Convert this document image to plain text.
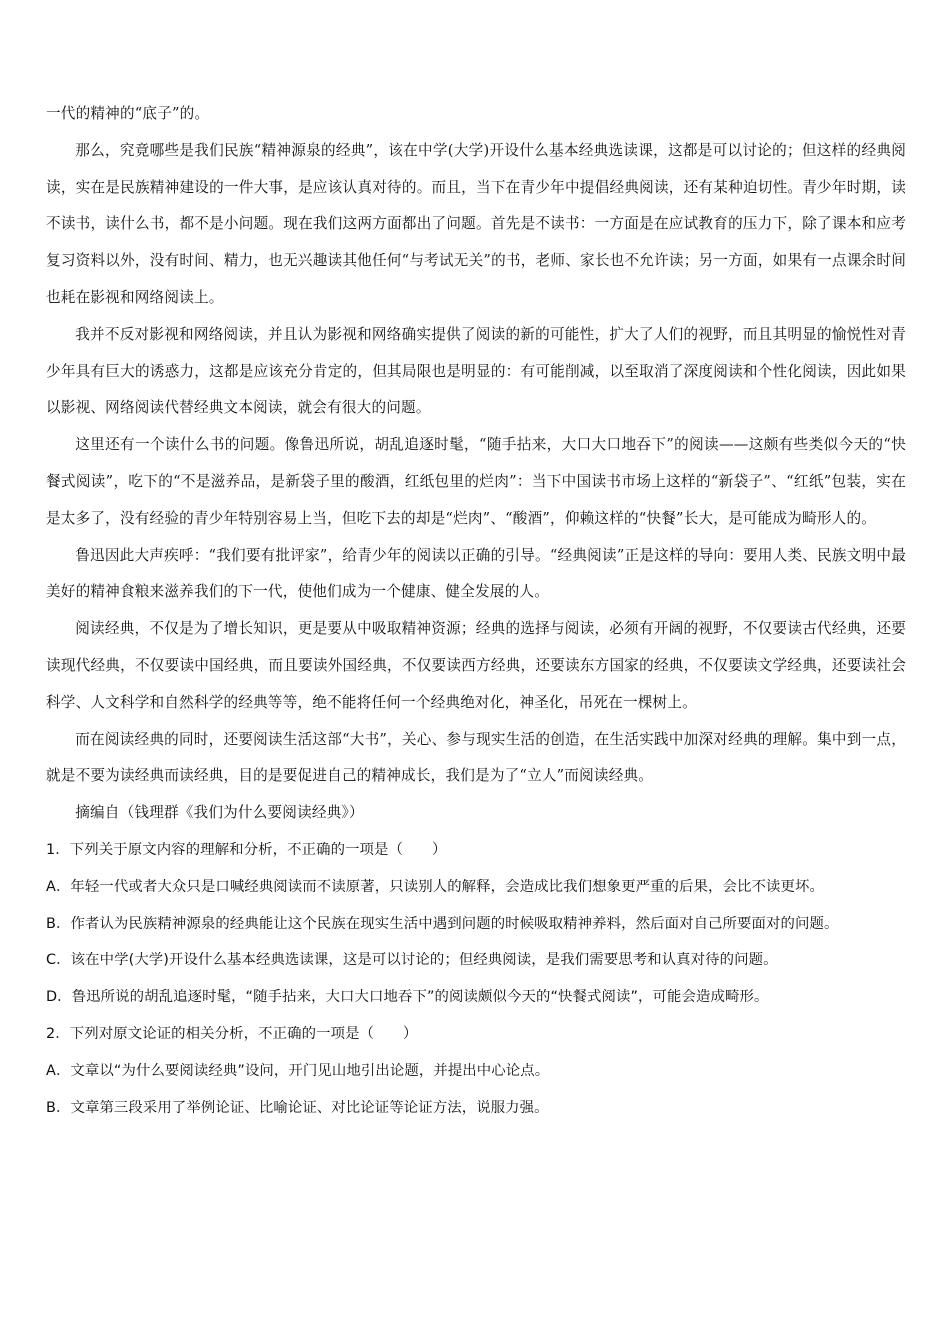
一代的精神的“底子”的。

那么，究竟哪些是我们民族“精神源泉的经典”，该在中学(大学)开设什么基本经典选读课，这都是可以讨论的；但这样的经典阅读，实在是民族精神建设的一件大事，是应该认真对待的。而且，当下在青少年中提倡经典阅读，还有某种迫切性。青少年时期，读不读书，读什么书，都不是小问题。现在我们这两方面都出了问题。首先是不读书：一方面是在应试教育的压力下，除了课本和应考复习资料以外，没有时间、精力，也无兴趣读其他任何“与考试无关”的书，老师、家长也不允许读；另一方面，如果有一点课余时间也耗在影视和网络阅读上。

我并不反对影视和网络阅读，并且认为影视和网络确实提供了阅读的新的可能性，扩大了人们的视野，而且其明显的愉悦性对青少年具有巨大的诱惑力，这都是应该充分肯定的，但其局限也是明显的：有可能削减，以至取消了深度阅读和个性化阅读，因此如果以影视、网络阅读代替经典文本阅读，就会有很大的问题。

这里还有一个读什么书的问题。像鲁迅所说，胡乱追逐时髦，“随手拈来，大口大口地吞下”的阅读——这颇有些类似今天的“快餐式阅读”，吃下的“不是滋养品，是新袋子里的酸酒，红纸包里的烂肉”：当下中国读书市场上这样的“新袋子”、“红纸”包装，实在是太多了，没有经验的青少年特别容易上当，但吃下去的却是“烂肉”、“酸酒”，仰赖这样的“快餐”长大，是可能成为畸形人的。

鲁迅因此大声疾呼：“我们要有批评家”，给青少年的阅读以正确的引导。“经典阅读”正是这样的导向：要用人类、民族文明中最美好的精神食粮来滋养我们的下一代，使他们成为一个健康、健全发展的人。

阅读经典，不仅是为了增长知识，更是要从中吸取精神资源；经典的选择与阅读，必须有开阔的视野，不仅要读古代经典，还要读现代经典，不仅要读中国经典，而且要读外国经典，不仅要读西方经典，还要读东方国家的经典，不仅要读文学经典，还要读社会科学、人文科学和自然科学的经典等等，绝不能将任何一个经典绝对化，神圣化，吊死在一棵树上。

而在阅读经典的同时，还要阅读生活这部“大书”，关心、参与现实生活的创造，在生活实践中加深对经典的理解。集中到一点，就是不要为读经典而读经典，目的是要促进自己的精神成长，我们是为了“立人”而阅读经典。

摘编自（钱理群《我们为什么要阅读经典》）

1．下列关于原文内容的理解和分析，不正确的一项是（　　）

A．年轻一代或者大众只是口喊经典阅读而不读原著，只读别人的解释，会造成比我们想象更严重的后果，会比不读更坏。

B．作者认为民族精神源泉的经典能让这个民族在现实生活中遇到问题的时候吸取精神养料，然后面对自己所要面对的问题。

C．该在中学(大学)开设什么基本经典选读课，这是可以讨论的；但经典阅读，是我们需要思考和认真对待的问题。

D．鲁迅所说的胡乱追逐时髦，“随手拈来，大口大口地吞下”的阅读颇似今天的“快餐式阅读”，可能会造成畸形。

2．下列对原文论证的相关分析，不正确的一项是（　　）

A．文章以“为什么要阅读经典”设问，开门见山地引出论题，并提出中心论点。

B．文章第三段采用了举例论证、比喻论证、对比论证等论证方法，说服力强。
